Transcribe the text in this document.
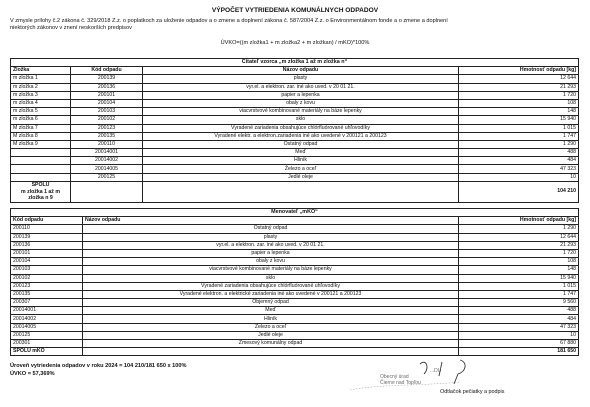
VÝPOČET VYTRIEDENIA KOMUNÁLNYCH ODPADOV
V zmysle prílohy č.2 zákona č. 329/2018 Z.z. o poplatkoch za uloženie odpadov a o zmene a doplnení zákona č. 587/2004 Z.z. o Environmentálnom fonde a o zmene a doplnení
niektorých zákonov v znení neskorších predpisov
ÚVKO=((m zložka1 + m zložka2 + m zložkan) / mKO)*100%
Čitateľ vzorca „m zložka 1 až m zložka n“			
Zložka	Kód odpadu	Názov odpadu	Hmotnosť odpadu [kg]
m zložka 1	200139	plasty	12 644
m zložka 2	200136	vyr.el. a elektron. zar. iné ako uved. v 20 01 21.	21 293
m zložka 3	200101	papier a lepenka	1 720
m zložka 4	200104	obaly z kovu	108
m zložka 5	200103	viacvrstvové kombinované materiály na báze lepenky	148
m zložka 6	200102	sklo	15 940
M zložka 7	200123	Vyradené zariadenia obsahujúce chlórfluórované uhľovodíky	1 015
M zložka 8	200135	Vyradené elektr. a elektron.zariadenia iné ako uvedené v 200121 a 200123	1 747
M zložka 9	200110	Ostatný odpad	1 290
	20014001	Meď	488
	20014002	Hliník	484
	20014005	Železo a oceľ	47 323
	200125	Jedlé oleje	10

SPOLU
m zložka 1 až m
zložka n 9			104 210
Menovateľ „mKO“		
Kód odpadu	Názov odpadu	Hmotnosť odpadu [kg]
200110	Ostatný odpad	1 290
200139	plasty	12 644
200136	vyr.el. a elektron. zar. iné ako uved. v 20 01 21.	21 293
200101	papier a lepenka	1 720
200104	obaly z kovu	108
200103	viacvrstvové kombinované materiály na báze lepenky	148
200102	sklo	15 940
200123	Vyradené zariadenia obsahujúce chlórfluórované uhľovodíky	1 015
200135	Vyradené elektron. a elektrické zariadenia iné ako uvedené v 200121 a 200123	1 747
200307	Objemný odpad	9 560
20014001	Meď	488
20014002	Hliník	484
20014005	Železo a oceľ	47 323
200125	Jedlé oleje	10
200301	Zmesový komunálny odpad	67 880
SPOLU mKO		181 650
Úroveň vytriedenia odpadov v roku 2024 = 104 210/181 650 x 100%
ÚVKO = 57,369%	...DU
Obecný úrad
Čierne nad Topľou
Odtlačok pečiatky a podpis
